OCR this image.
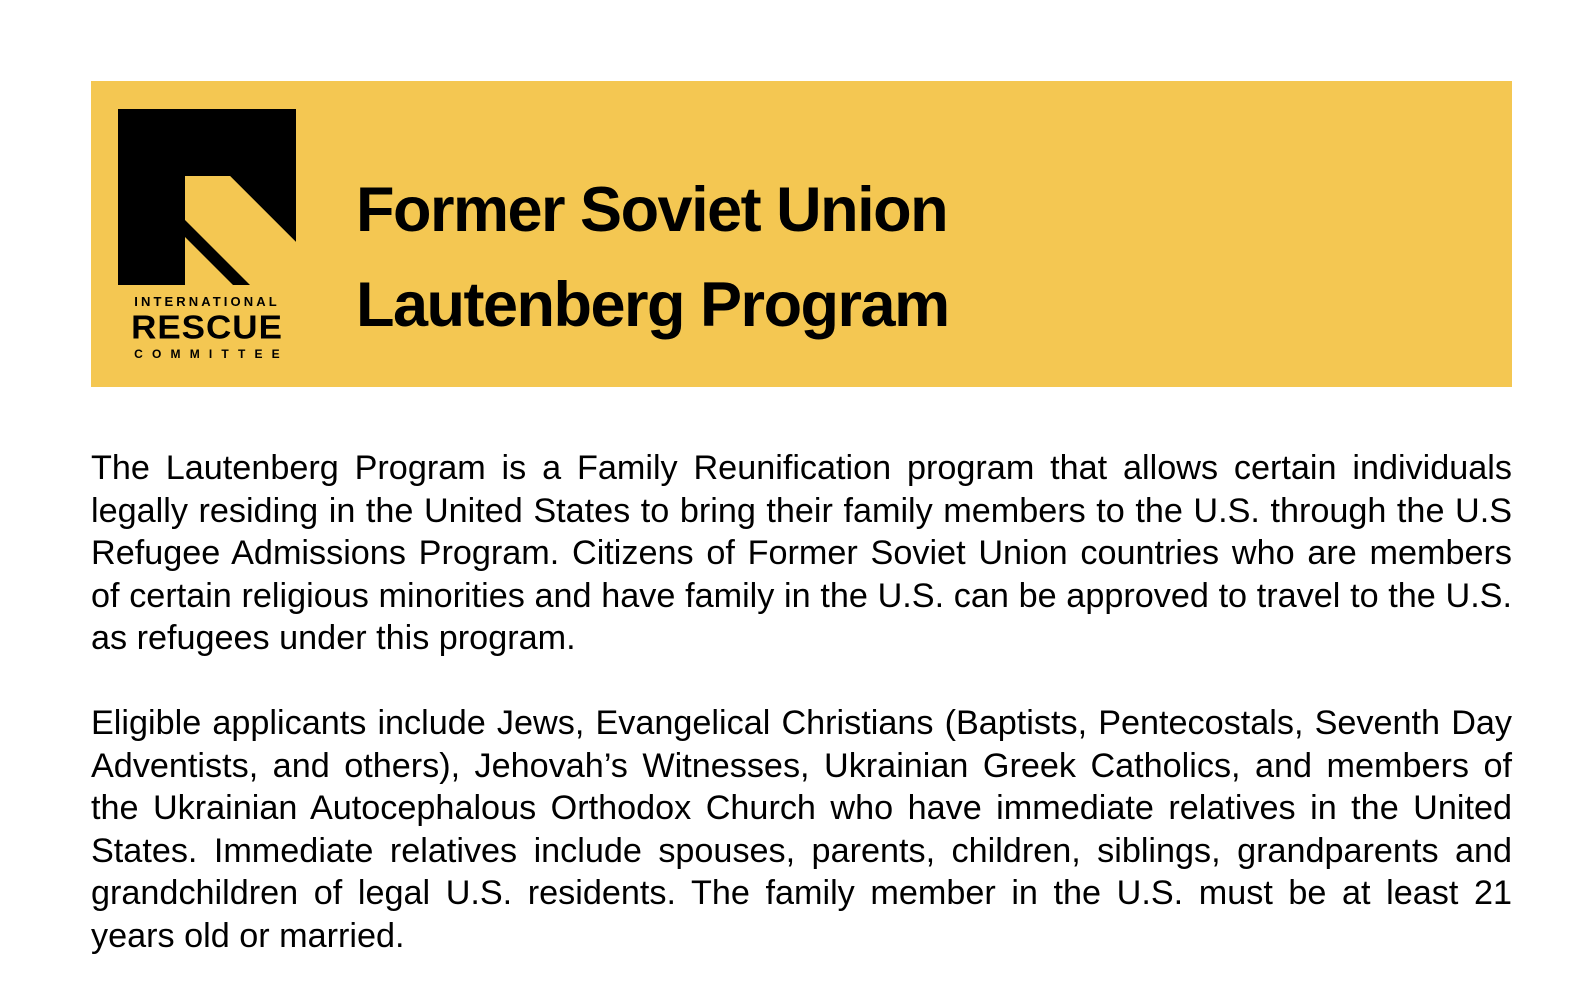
INTERNATIONAL
RESCUE
COMMITTEE
Former Soviet Union
Lautenberg Program

The Lautenberg Program is a Family Reunification program that allows certain individuals legally residing in the United States to bring their family members to the U.S. through the U.S Refugee Admissions Program. Citizens of Former Soviet Union countries who are members of certain religious minorities and have family in the U.S. can be approved to travel to the U.S. as refugees under this program.

Eligible applicants include Jews, Evangelical Christians (Baptists, Pentecostals, Seventh Day Adventists, and others), Jehovah’s Witnesses, Ukrainian Greek Catholics, and members of the Ukrainian Autocephalous Orthodox Church who have immediate relatives in the United States. Immediate relatives include spouses, parents, children, siblings, grandparents and grandchildren of legal U.S. residents. The family member in the U.S. must be at least 21 years old or married.
